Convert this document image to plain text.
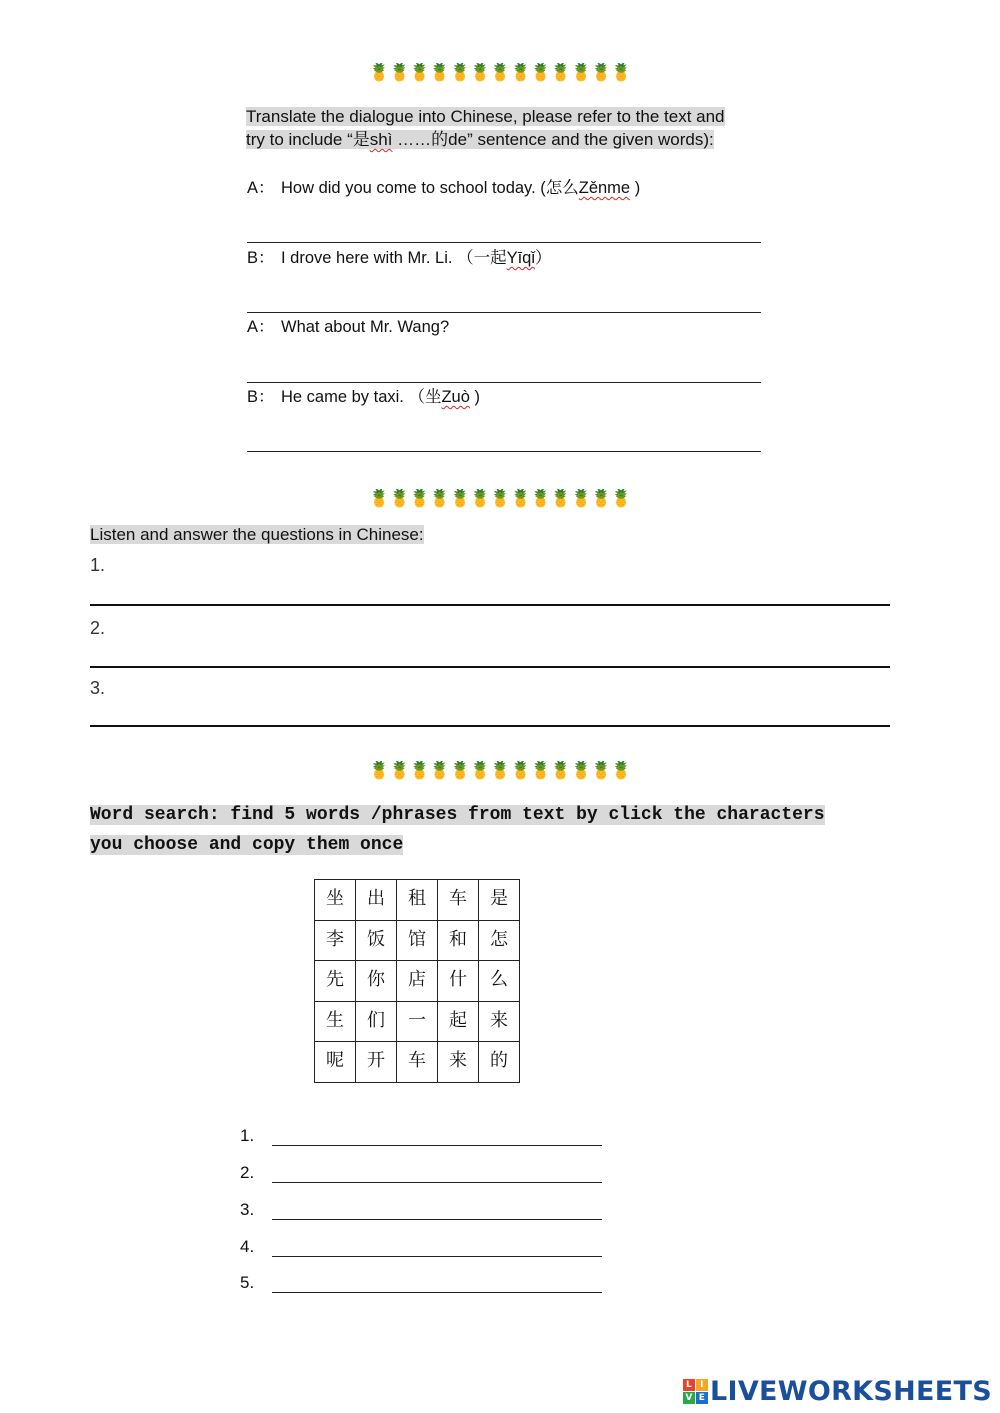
🍍🍍🍍🍍🍍🍍🍍🍍🍍🍍🍍🍍🍍
Translate the dialogue into Chinese, please refer to the text and
try to include “是shì ……的de” sentence and the given words):
A： How did you come to school today. (怎么Zěnme )
B： I drove here with Mr. Li. （一起Yīqǐ）
A： What about Mr. Wang?
B： He came by taxi. （坐Zuò )
🍍🍍🍍🍍🍍🍍🍍🍍🍍🍍🍍🍍🍍
Listen and answer the questions in Chinese:
1.
2.
3.
🍍🍍🍍🍍🍍🍍🍍🍍🍍🍍🍍🍍🍍
Word search: find 5 words /phrases from text by click the characters
you choose and copy them once
坐	出	租	车	是
李	饭	馆	和	怎
先	你	店	什	么
生	们	一	起	来
呢	开	车	来	的
1.
2.
3.
4.
5.
L I
V E LIVEWORKSHEETS
